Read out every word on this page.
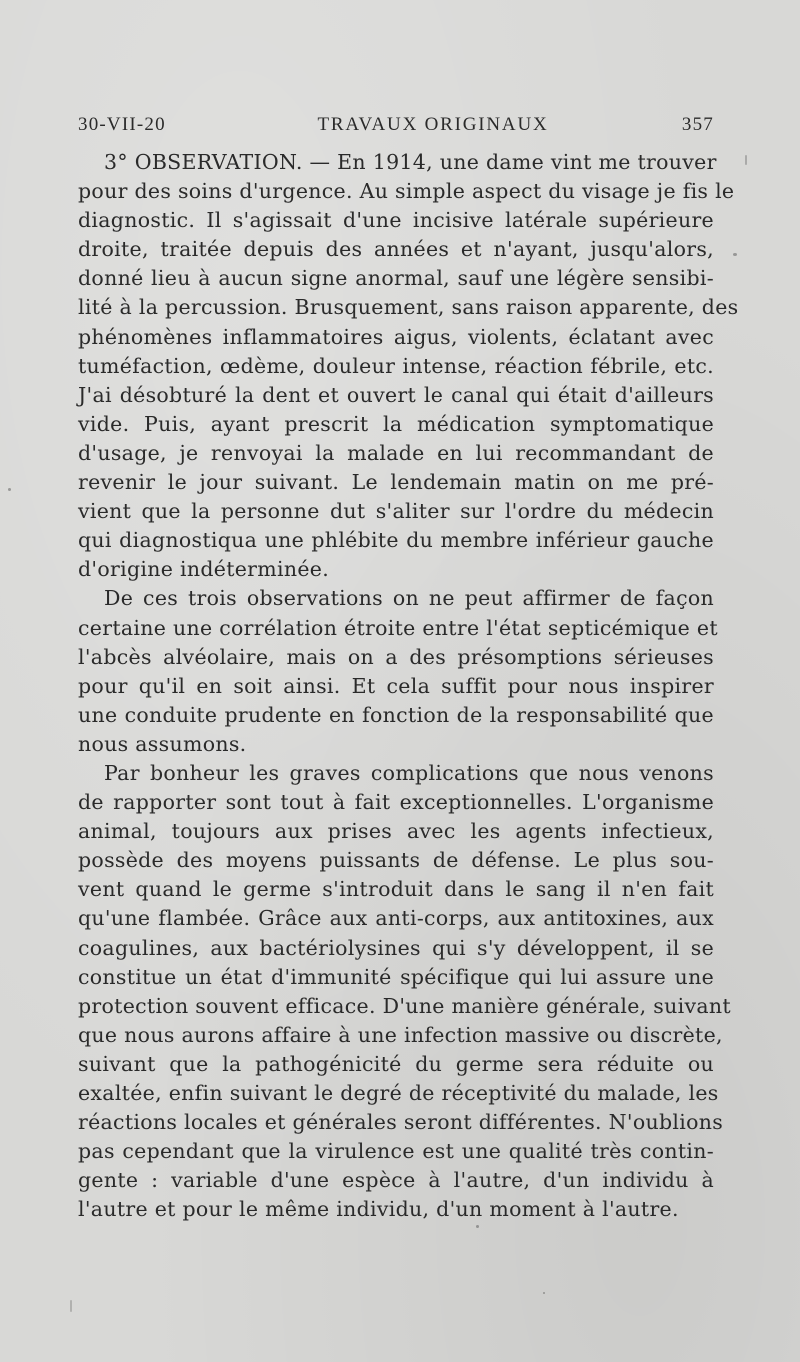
30-VII-20	TRAVAUX ORIGINAUX	357
3° OBSERVATION. — En 1914, une dame vint me trouver
pour des soins d'urgence. Au simple aspect du visage je fis le
diagnostic. Il s'agissait d'une incisive latérale supérieure
droite, traitée depuis des années et n'ayant, jusqu'alors,
donné lieu à aucun signe anormal, sauf une légère sensibi-
lité à la percussion. Brusquement, sans raison apparente, des
phénomènes inflammatoires aigus, violents, éclatant avec
tuméfaction, œdème, douleur intense, réaction fébrile, etc.
J'ai désobturé la dent et ouvert le canal qui était d'ailleurs
vide. Puis, ayant prescrit la médication symptomatique
d'usage, je renvoyai la malade en lui recommandant de
revenir le jour suivant. Le lendemain matin on me pré-
vient que la personne dut s'aliter sur l'ordre du médecin
qui diagnostiqua une phlébite du membre inférieur gauche
d'origine indéterminée.
De ces trois observations on ne peut affirmer de façon
certaine une corrélation étroite entre l'état septicémique et
l'abcès alvéolaire, mais on a des présomptions sérieuses
pour qu'il en soit ainsi. Et cela suffit pour nous inspirer
une conduite prudente en fonction de la responsabilité que
nous assumons.
Par bonheur les graves complications que nous venons
de rapporter sont tout à fait exceptionnelles. L'organisme
animal, toujours aux prises avec les agents infectieux,
possède des moyens puissants de défense. Le plus sou-
vent quand le germe s'introduit dans le sang il n'en fait
qu'une flambée. Grâce aux anti-corps, aux antitoxines, aux
coagulines, aux bactériolysines qui s'y développent, il se
constitue un état d'immunité spécifique qui lui assure une
protection souvent efficace. D'une manière générale, suivant
que nous aurons affaire à une infection massive ou discrète,
suivant que la pathogénicité du germe sera réduite ou
exaltée, enfin suivant le degré de réceptivité du malade, les
réactions locales et générales seront différentes. N'oublions
pas cependant que la virulence est une qualité très contin-
gente : variable d'une espèce à l'autre, d'un individu à
l'autre et pour le même individu, d'un moment à l'autre.
